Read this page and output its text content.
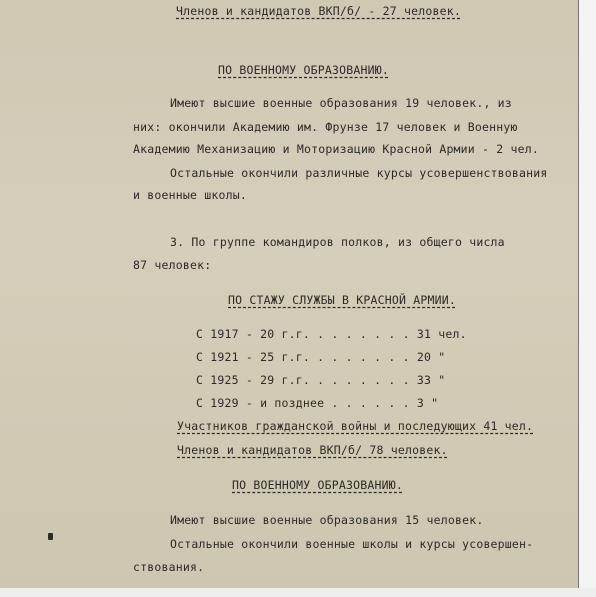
Членов и кандидатов ВКП/б/ - 27 человек.
ПО ВОЕННОМУ ОБРАЗОВАНИЮ.
Имеют высшие военные образования 19 человек., из
них: окончили Академию им. Фрунзе 17 человек и Военную
Академию Механизацию и Моторизацию Красной Армии - 2 чел.
Остальные окончили различные курсы усовершенствования
и военные школы.
3. По группе командиров полков, из общего числа
87 человек:
ПО СТАЖУ СЛУЖБЫ В КРАСНОЙ АРМИИ.
С 1917 - 20 г.г. . . . . . . . 31 чел.
С 1921 - 25 г.г. . . . . . . . 20 "
С 1925 - 29 г.г. . . . . . . . 33 "
С 1929 - и позднее . . . . . . 3 "
Участников гражданской войны и последующих 41 чел.
Членов и кандидатов ВКП/б/ 78 человек.
ПО ВОЕННОМУ ОБРАЗОВАНИЮ.
Имеют высшие военные образования 15 человек.
Остальные окончили военные школы и курсы усовершен-
ствования.
